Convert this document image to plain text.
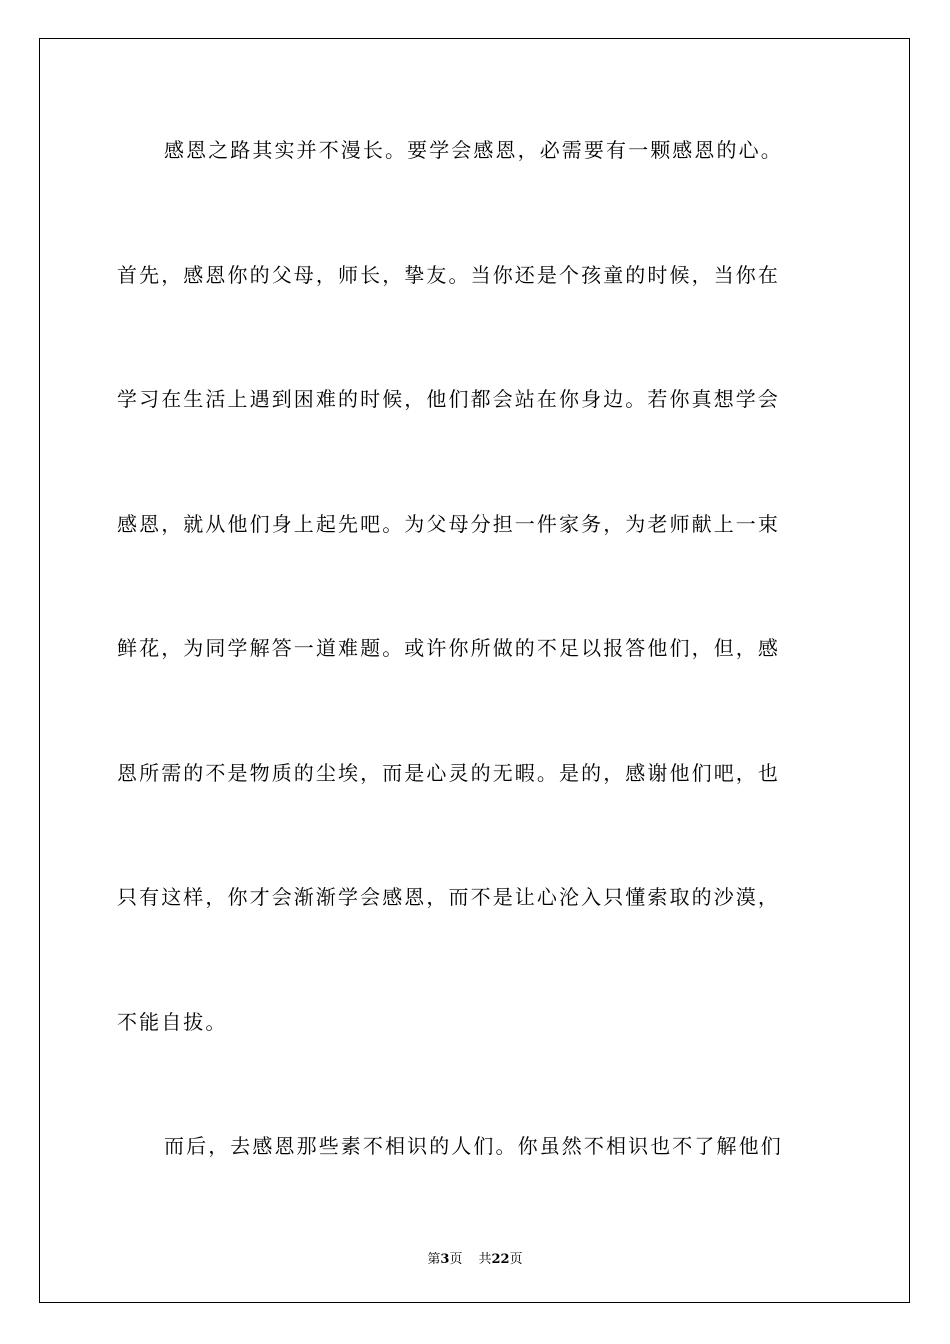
感恩之路其实并不漫长。要学会感恩，必需要有一颗感恩的心。
首先，感恩你的父母，师长，挚友。当你还是个孩童的时候，当你在
学习在生活上遇到困难的时候，他们都会站在你身边。若你真想学会
感恩，就从他们身上起先吧。为父母分担一件家务，为老师献上一束
鲜花，为同学解答一道难题。或许你所做的不足以报答他们，但，感
恩所需的不是物质的尘埃，而是心灵的无暇。是的，感谢他们吧，也
只有这样，你才会渐渐学会感恩，而不是让心沦入只懂索取的沙漠，
不能自拔。
而后，去感恩那些素不相识的人们。你虽然不相识也不了解他们
第3页 共22页
